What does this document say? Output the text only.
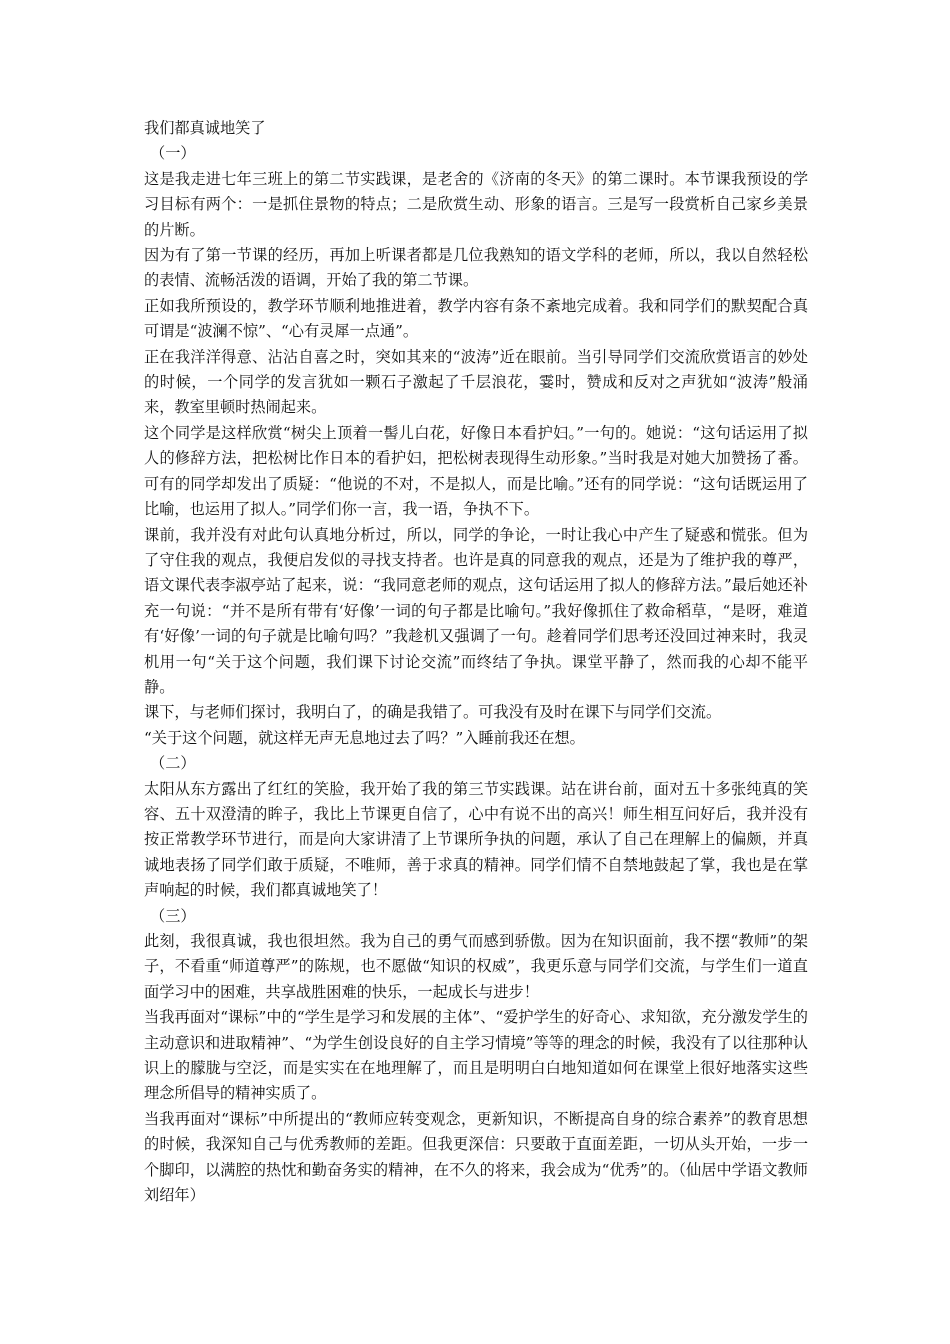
我们都真诚地笑了

（一）

这是我走进七年三班上的第二节实践课，是老舍的《济南的冬天》的第二课时。本节课我预设的学习目标有两个：一是抓住景物的特点；二是欣赏生动、形象的语言。三是写一段赏析自己家乡美景的片断。

因为有了第一节课的经历，再加上听课者都是几位我熟知的语文学科的老师，所以，我以自然轻松的表情、流畅活泼的语调，开始了我的第二节课。

正如我所预设的，教学环节顺利地推进着，教学内容有条不紊地完成着。我和同学们的默契配合真可谓是“波澜不惊”、“心有灵犀一点通”。

正在我洋洋得意、沾沾自喜之时，突如其来的“波涛”近在眼前。当引导同学们交流欣赏语言的妙处的时候，一个同学的发言犹如一颗石子激起了千层浪花，霎时，赞成和反对之声犹如“波涛”般涌来，教室里顿时热闹起来。

这个同学是这样欣赏“树尖上顶着一髻儿白花，好像日本看护妇。”一句的。她说：“这句话运用了拟人的修辞方法，把松树比作日本的看护妇，把松树表现得生动形象。”当时我是对她大加赞扬了番。可有的同学却发出了质疑：“他说的不对，不是拟人，而是比喻。”还有的同学说：“这句话既运用了比喻，也运用了拟人。”同学们你一言，我一语，争执不下。

课前，我并没有对此句认真地分析过，所以，同学的争论，一时让我心中产生了疑惑和慌张。但为了守住我的观点，我便启发似的寻找支持者。也许是真的同意我的观点，还是为了维护我的尊严，语文课代表李淑亭站了起来，说：“我同意老师的观点，这句话运用了拟人的修辞方法。”最后她还补充一句说：“并不是所有带有‘好像’一词的句子都是比喻句。”我好像抓住了救命稻草，“是呀，难道有‘好像’一词的句子就是比喻句吗？”我趁机又强调了一句。趁着同学们思考还没回过神来时，我灵机用一句“关于这个问题，我们课下讨论交流”而终结了争执。课堂平静了，然而我的心却不能平静。

课下，与老师们探讨，我明白了，的确是我错了。可我没有及时在课下与同学们交流。

“关于这个问题，就这样无声无息地过去了吗？”入睡前我还在想。

（二）

太阳从东方露出了红红的笑脸，我开始了我的第三节实践课。站在讲台前，面对五十多张纯真的笑容、五十双澄清的眸子，我比上节课更自信了，心中有说不出的高兴！师生相互问好后，我并没有按正常教学环节进行，而是向大家讲清了上节课所争执的问题，承认了自己在理解上的偏颇，并真诚地表扬了同学们敢于质疑，不唯师，善于求真的精神。同学们情不自禁地鼓起了掌，我也是在掌声响起的时候，我们都真诚地笑了！

（三）

此刻，我很真诚，我也很坦然。我为自己的勇气而感到骄傲。因为在知识面前，我不摆“教师”的架子，不看重“师道尊严”的陈规，也不愿做“知识的权威”，我更乐意与同学们交流，与学生们一道直面学习中的困难，共享战胜困难的快乐，一起成长与进步！

当我再面对“课标”中的“学生是学习和发展的主体”、“爱护学生的好奇心、求知欲，充分激发学生的主动意识和进取精神”、“为学生创设良好的自主学习情境”等等的理念的时候，我没有了以往那种认识上的朦胧与空泛，而是实实在在地理解了，而且是明明白白地知道如何在课堂上很好地落实这些理念所倡导的精神实质了。

当我再面对“课标”中所提出的“教师应转变观念，更新知识，不断提高自身的综合素养”的教育思想的时候，我深知自己与优秀教师的差距。但我更深信：只要敢于直面差距，一切从头开始，一步一个脚印，以满腔的热忱和勤奋务实的精神，在不久的将来，我会成为“优秀”的。（仙居中学语文教师 刘绍年）
